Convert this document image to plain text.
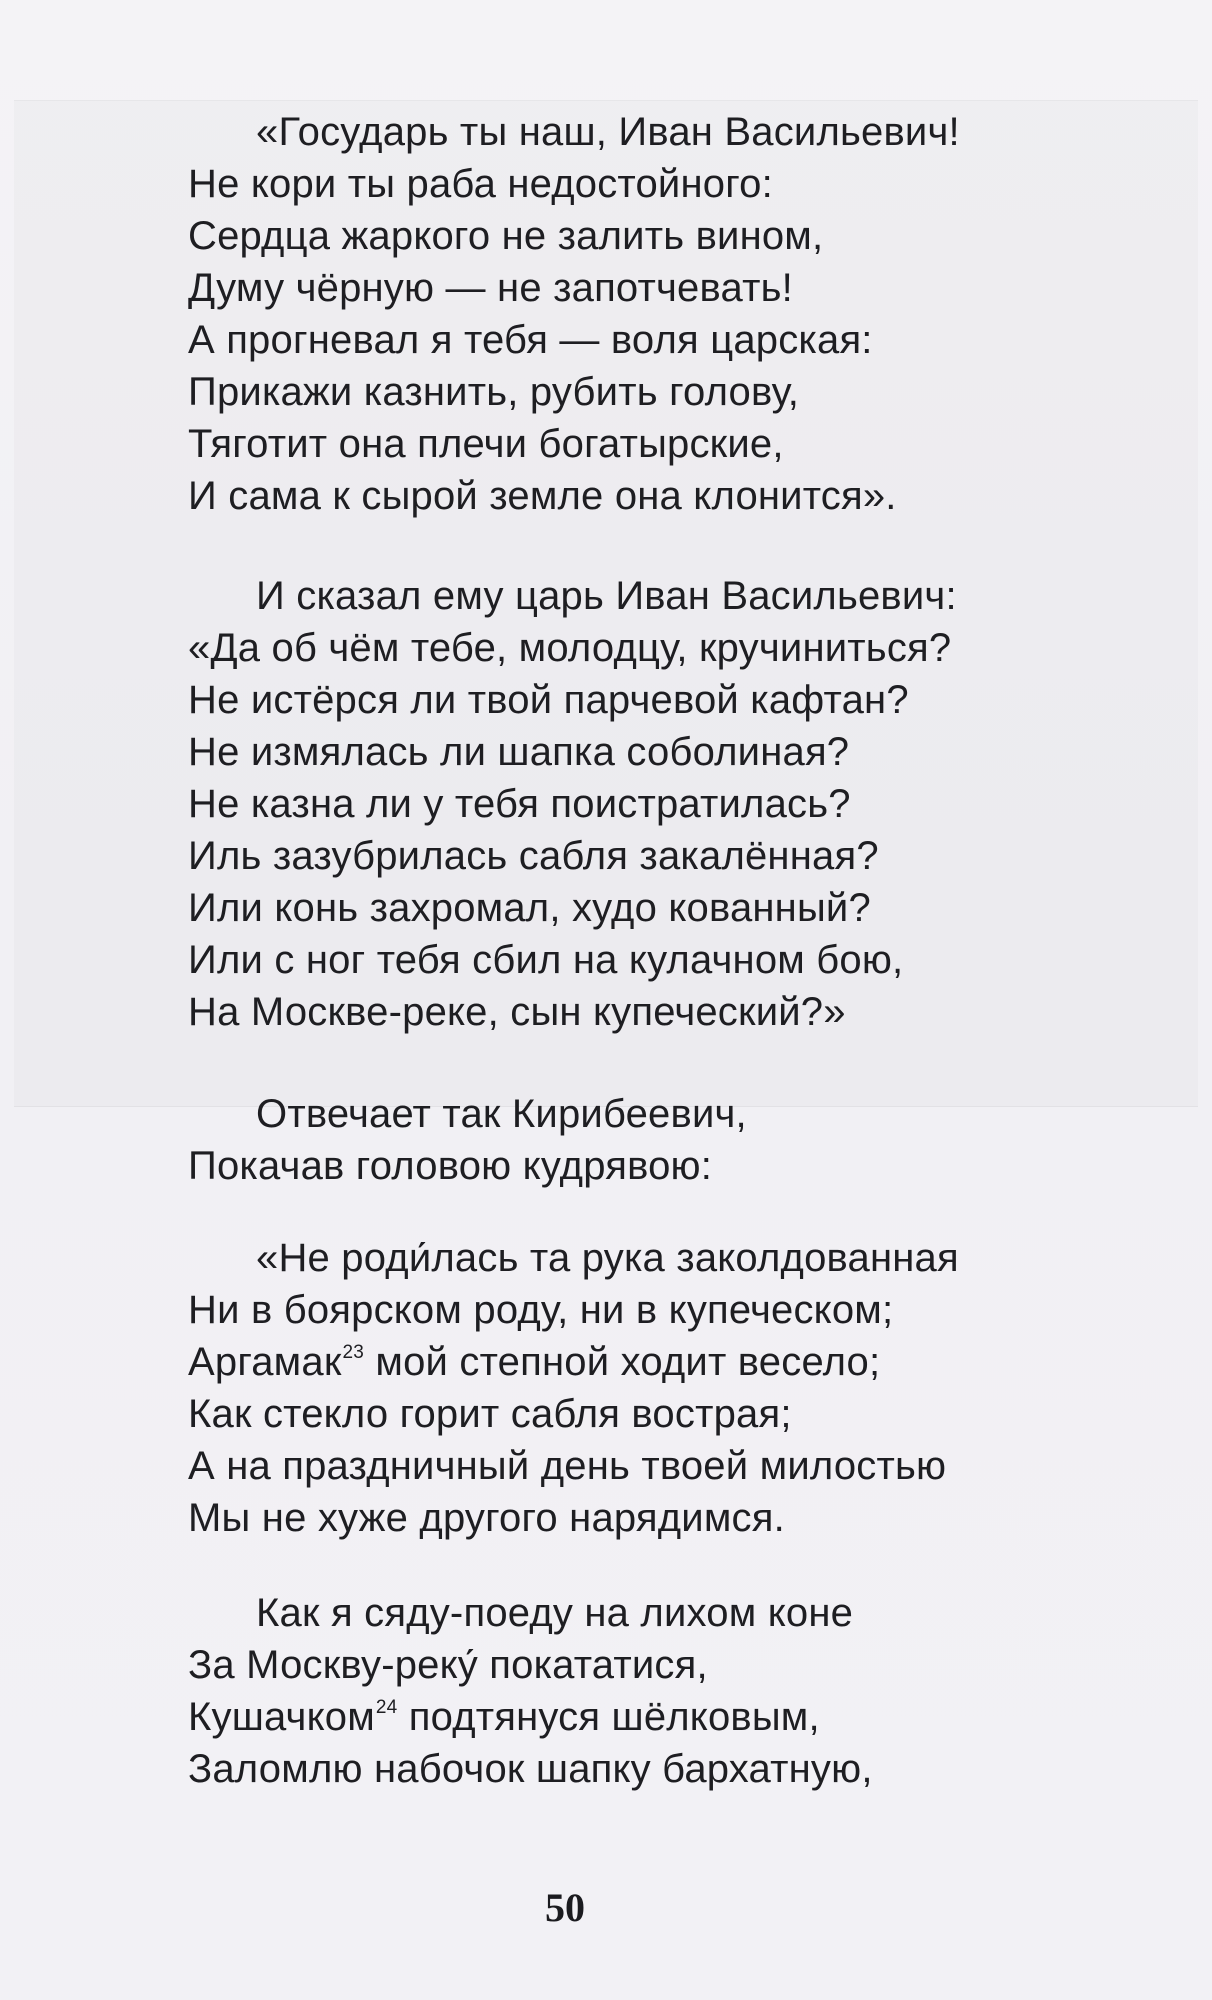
«Государь ты наш, Иван Васильевич!
Не кори ты раба недостойного:
Сердца жаркого не залить вином,
Думу чёрную — не запотчевать!
А прогневал я тебя — воля царская:
Прикажи казнить, рубить голову,
Тяготит она плечи богатырские,
И сама к сырой земле она клонится».
И сказал ему царь Иван Васильевич:
«Да об чём тебе, молодцу, кручиниться?
Не истёрся ли твой парчевой кафтан?
Не измялась ли шапка соболиная?
Не казна ли у тебя поистратилась?
Иль зазубрилась сабля закалённая?
Или конь захромал, худо кованный?
Или с ног тебя сбил на кулачном бою,
На Москве-реке, сын купеческий?»
Отвечает так Кирибеевич,
Покачав головою кудрявою:
«Не роди́лась та рука заколдованная
Ни в боярском роду, ни в купеческом;
Аргамак$^{23}$ мой степной ходит весело;
Как стекло горит сабля вострая;
А на праздничный день твоей милостью
Мы не хуже другого нарядимся.
Как я сяду-поеду на лихом коне
За Москву-реку́ покататися,
Кушачком$^{24}$ подтянуся шёлковым,
Заломлю набочок шапку бархатную,
50
